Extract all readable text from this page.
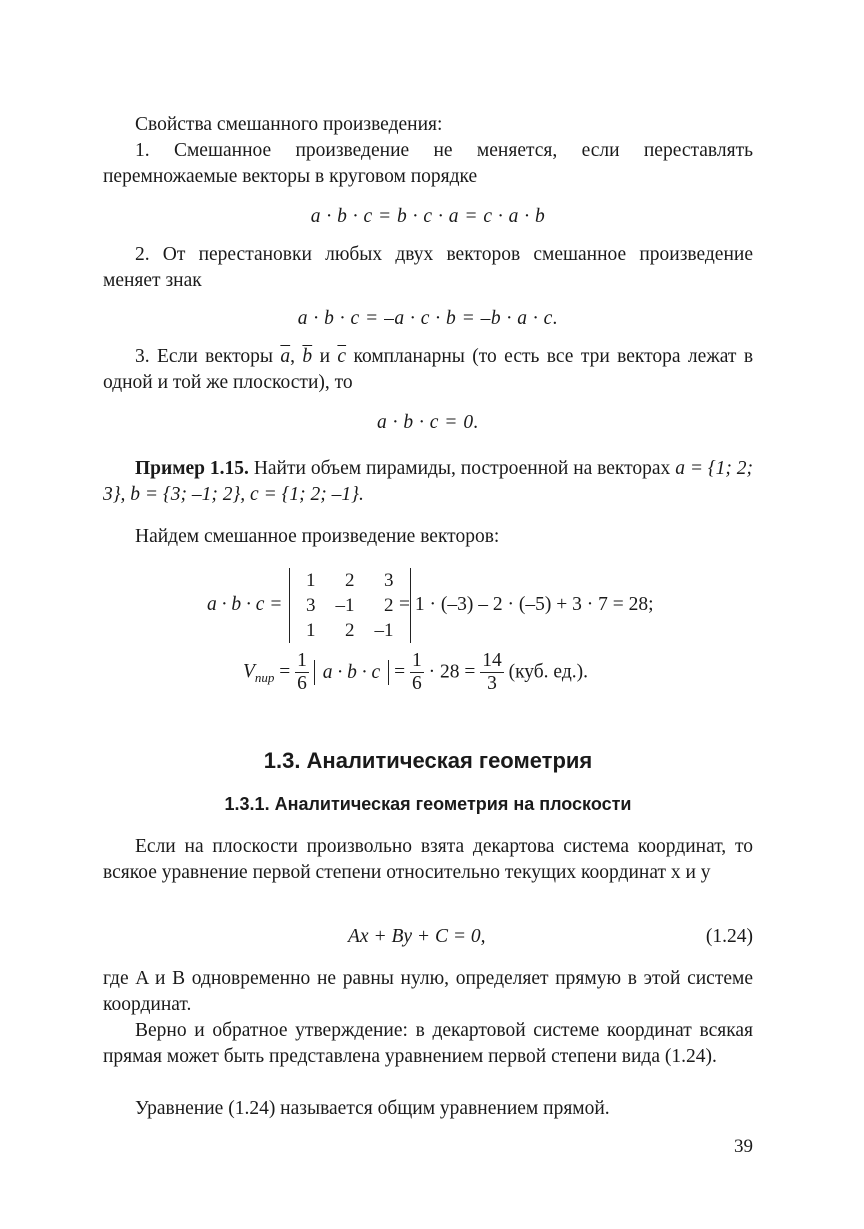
Свойства смешанного произведения:

1. Смешанное произведение не меняется, если переставлять перемножаемые векторы в круговом порядке

a · b · c = b · c · a = c · a · b

2. От перестановки любых двух векторов смешанное произведение меняет знак

a · b · c = –a · c · b = –b · a · c.

3. Если векторы $\overline{a}$, $\overline{b}$ и $\overline{c}$ компланарны (то есть все три вектора лежат в одной и той же плоскости), то

a · b · c = 0.

Пример 1.15. Найти объем пирамиды, построенной на векторах a = {1; 2; 3}, b = {3; –1; 2}, c = {1; 2; –1}.

Найдем смешанное произведение векторов:

a · b · c =
1	2	3
3	–1	2
1	2	–1
= 1 · (–3) – 2 · (–5) + 3 · 7 = 28;
$V_{пир} = \frac{1}{6}$ $a \cdot b \cdot c = \frac{1}{6} \cdot 28 = \frac{14}{3} (куб$. ед.).
1.3. Аналитическая геометрия
1.3.1. Аналитическая геометрия на плоскости

Если на плоскости произвольно взята декартова система координат, то всякое уравнение первой степени относительно текущих координат x и y

Ax + By + C = 0,	(1.24)

где A и B одновременно не равны нулю, определяет прямую в этой системе координат.

Верно и обратное утверждение: в декартовой системе координат всякая прямая может быть представлена уравнением первой степени вида (1.24).

Уравнение (1.24) называется общим уравнением прямой.

39
